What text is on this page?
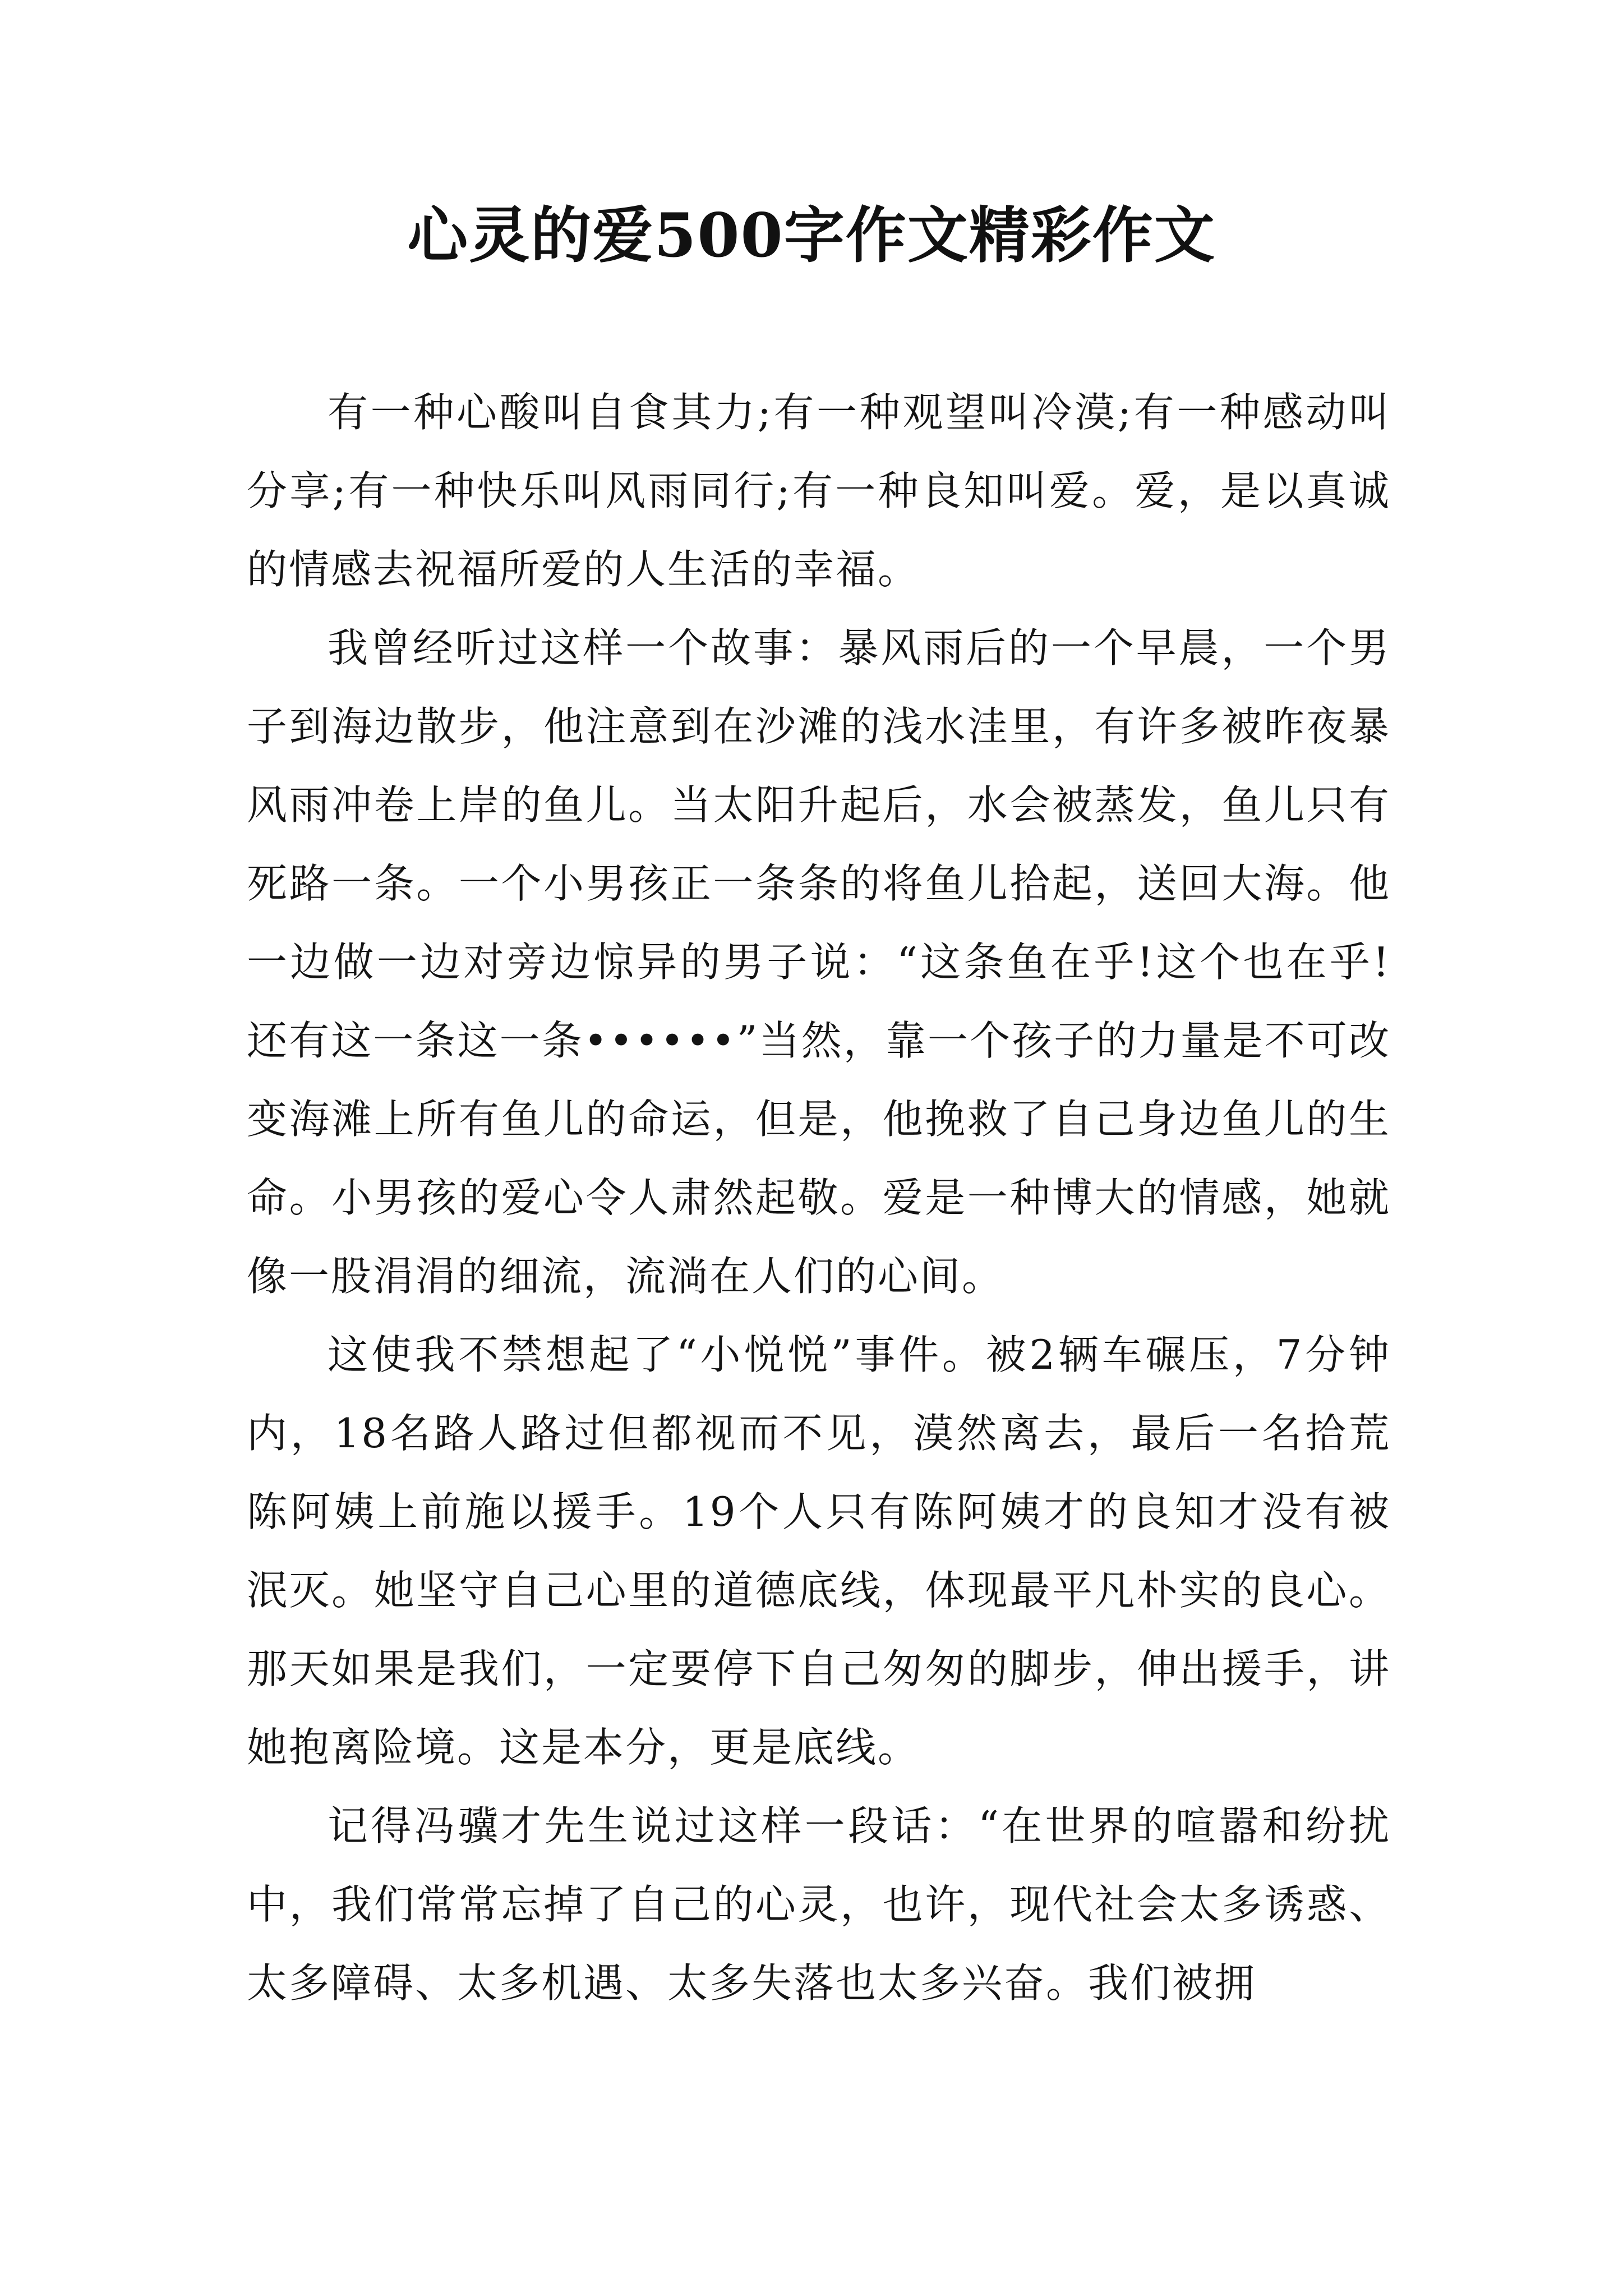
心灵的爱500字作文精彩作文

有一种心酸叫自食其力;有一种观望叫冷漠;有一种感动叫分享;有一种快乐叫风雨同行;有一种良知叫爱。爱，是以真诚的情感去祝福所爱的人生活的幸福。

我曾经听过这样一个故事：暴风雨后的一个早晨，一个男子到海边散步，他注意到在沙滩的浅水洼里，有许多被昨夜暴风雨冲卷上岸的鱼儿。当太阳升起后，水会被蒸发，鱼儿只有死路一条。一个小男孩正一条条的将鱼儿拾起，送回大海。他一边做一边对旁边惊异的男子说：“这条鱼在乎!这个也在乎!还有这一条这一条••••••”当然，靠一个孩子的力量是不可改变海滩上所有鱼儿的命运，但是，他挽救了自己身边鱼儿的生命。小男孩的爱心令人肃然起敬。爱是一种博大的情感，她就像一股涓涓的细流，流淌在人们的心间。

这使我不禁想起了“小悦悦”事件。被2辆车碾压，7分钟内，18名路人路过但都视而不见，漠然离去，最后一名拾荒陈阿姨上前施以援手。19个人只有陈阿姨才的良知才没有被泯灭。她坚守自己心里的道德底线，体现最平凡朴实的良心。那天如果是我们，一定要停下自己匆匆的脚步，伸出援手，讲她抱离险境。这是本分，更是底线。

记得冯骥才先生说过这样一段话：“在世界的喧嚣和纷扰中，我们常常忘掉了自己的心灵，也许，现代社会太多诱惑、太多障碍、太多机遇、太多失落也太多兴奋。我们被拥
